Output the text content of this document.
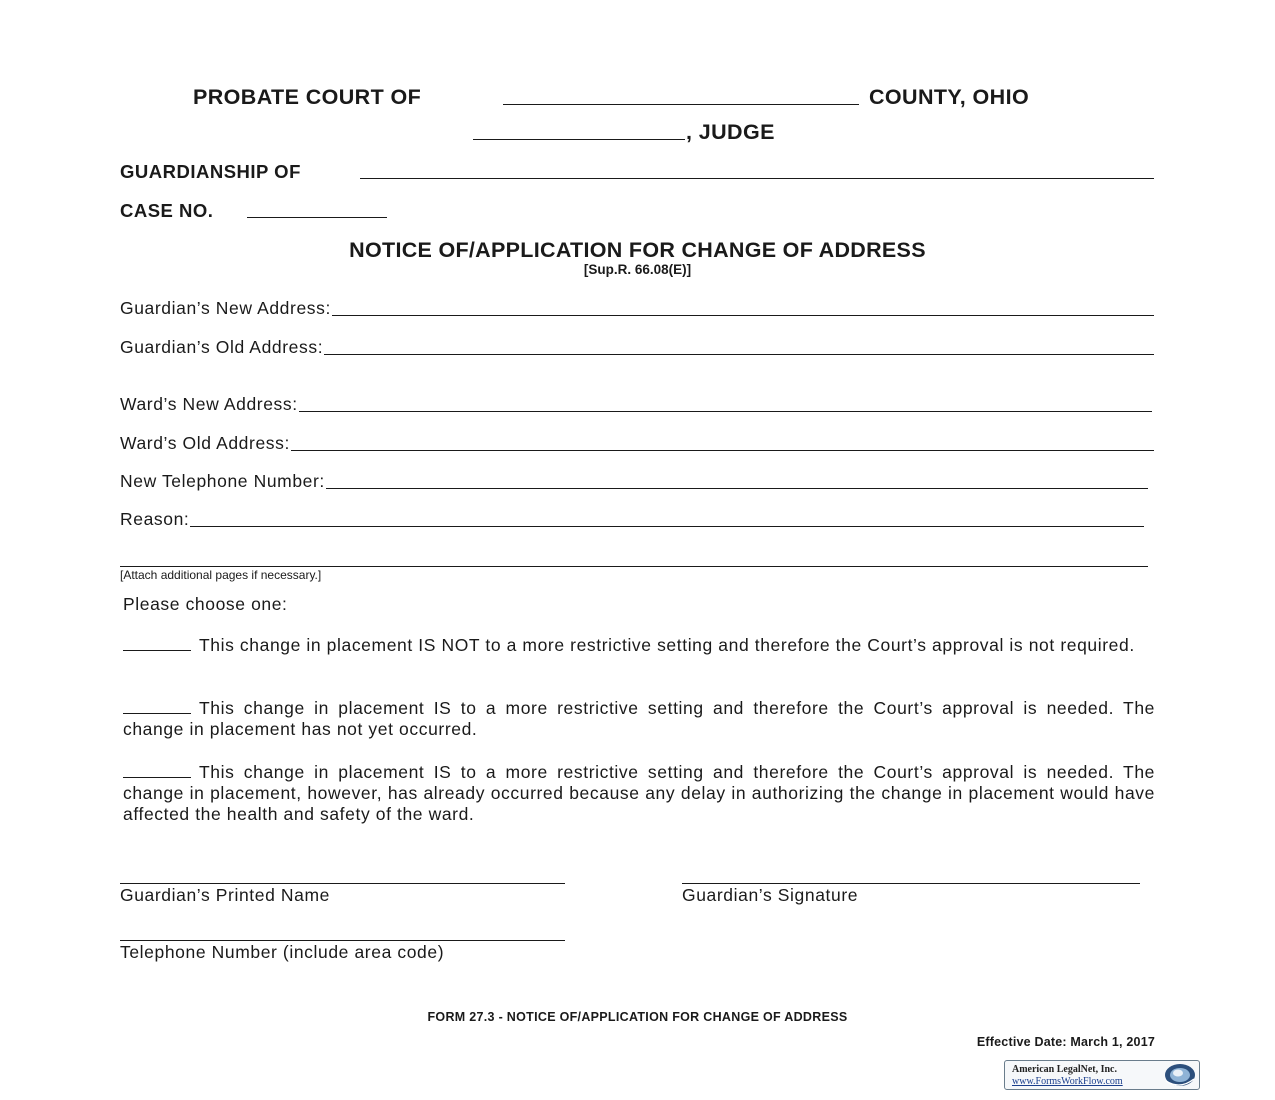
PROBATE COURT OF	COUNTY, OHIO
, JUDGE
GUARDIANSHIP OF
CASE NO.
NOTICE OF/APPLICATION FOR CHANGE OF ADDRESS
[Sup.R. 66.08(E)]
Guardian’s New Address:
Guardian’s Old Address:
Ward’s New Address:
Ward’s Old Address:
New Telephone Number:
Reason:
[Attach additional pages if necessary.]
Please choose one:
This change in placement IS NOT to a more restrictive setting and therefore the Court’s approval is not required.
This change in placement IS to a more restrictive setting and therefore the Court’s approval is needed. The change in placement has not yet occurred.
This change in placement IS to a more restrictive setting and therefore the Court’s approval is needed. The change in placement, however, has already occurred because any delay in authorizing the change in placement would have affected the health and safety of the ward.
Guardian’s Printed Name	Guardian’s Signature
Telephone Number (include area code)
FORM 27.3 - NOTICE OF/APPLICATION FOR CHANGE OF ADDRESS
Effective Date: March 1, 2017
American LegalNet, Inc.
www.FormsWorkFlow.com
